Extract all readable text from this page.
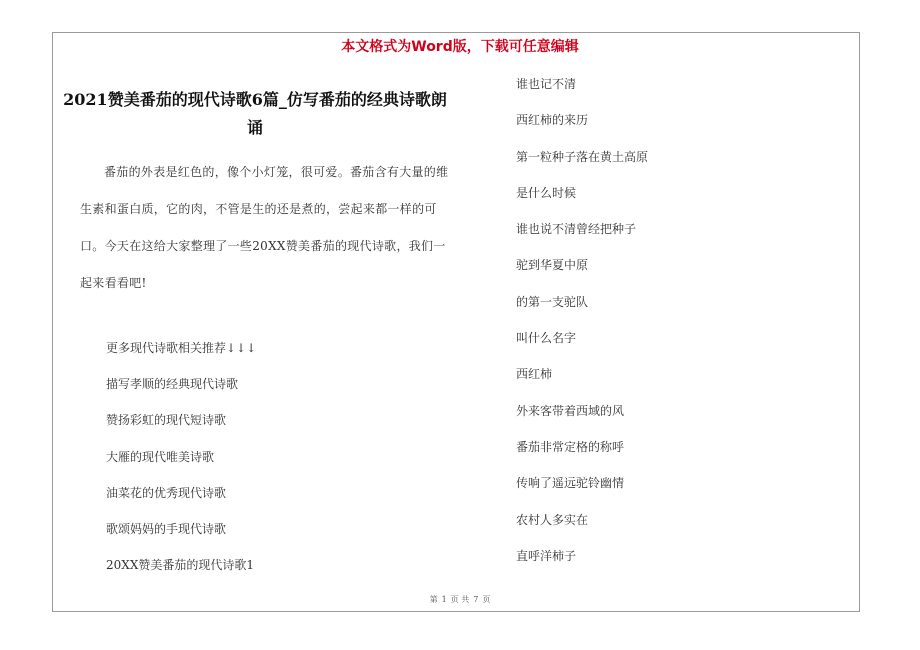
本文格式为Word版，下载可任意编辑
2021赞美番茄的现代诗歌6篇_仿写番茄的经典诗歌朗诵
番茄的外表是红色的，像个小灯笼，很可爱。番茄含有大量的维生素和蛋白质，它的肉，不管是生的还是煮的，尝起来都一样的可口。今天在这给大家整理了一些20XX赞美番茄的现代诗歌，我们一起来看看吧!
更多现代诗歌相关推荐↓↓↓
描写孝顺的经典现代诗歌
赞扬彩虹的现代短诗歌
大雁的现代唯美诗歌
油菜花的优秀现代诗歌
歌颂妈妈的手现代诗歌
20XX赞美番茄的现代诗歌1
谁也记不清
西红柿的来历
第一粒种子落在黄土高原
是什么时候
谁也说不清曾经把种子
驼到华夏中原
的第一支驼队
叫什么名字
西红柿
外来客带着西域的风
番茄非常定格的称呼
传响了遥远驼铃幽情
农村人多实在
直呼洋柿子
第 1 页 共 7 页
